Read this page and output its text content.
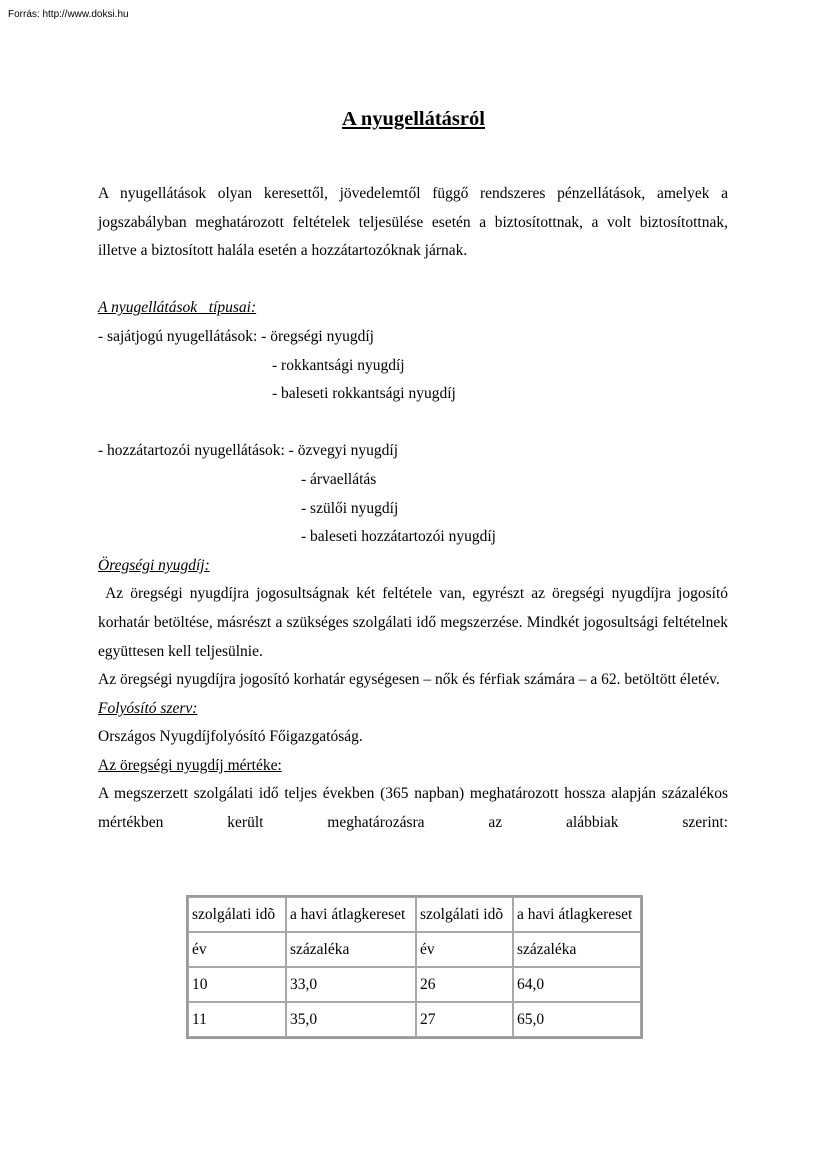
Forrás: http://www.doksi.hu
A nyugellátásról

A nyugellátások olyan keresettől, jövedelemtől függő rendszeres pénzellátások, amelyek a jogszabályban meghatározott feltételek teljesülése esetén a biztosítottnak, a volt biztosítottnak, illetve a biztosított halála esetén a hozzátartozóknak járnak.

A nyugellátások   típusai:
- sajátjogú nyugellátások: - öregségi nyugdíj
- rokkantsági nyugdíj
- baleseti rokkantsági nyugdíj
- hozzátartozói nyugellátások: - özvegyi nyugdíj
- árvaellátás
- szülői nyugdíj
- baleseti hozzátartozói nyugdíj
Öregségi nyugdíj:

Az öregségi nyugdíjra jogosultságnak két feltétele van, egyrészt az öregségi nyugdíjra jogosító korhatár betöltése, másrészt a szükséges szolgálati idő megszerzése. Mindkét jogosultsági feltételnek együttesen kell teljesülnie.

Az öregségi nyugdíjra jogosító korhatár egységesen – nők és férfiak számára – a 62. betöltött életév.

Folyósító szerv:
Országos Nyugdíjfolyósító Főigazgatóság.
Az öregségi nyugdíj mértéke:

A megszerzett szolgálati idő teljes években (365 napban) meghatározott hossza alapján százalékos mértékben került meghatározásra az alábbiak szerint:

szolgálati idõ	a havi átlagkereset	szolgálati idõ	a havi átlagkereset
év	százaléka	év	százaléka
10	33,0	26	64,0
11	35,0	27	65,0
